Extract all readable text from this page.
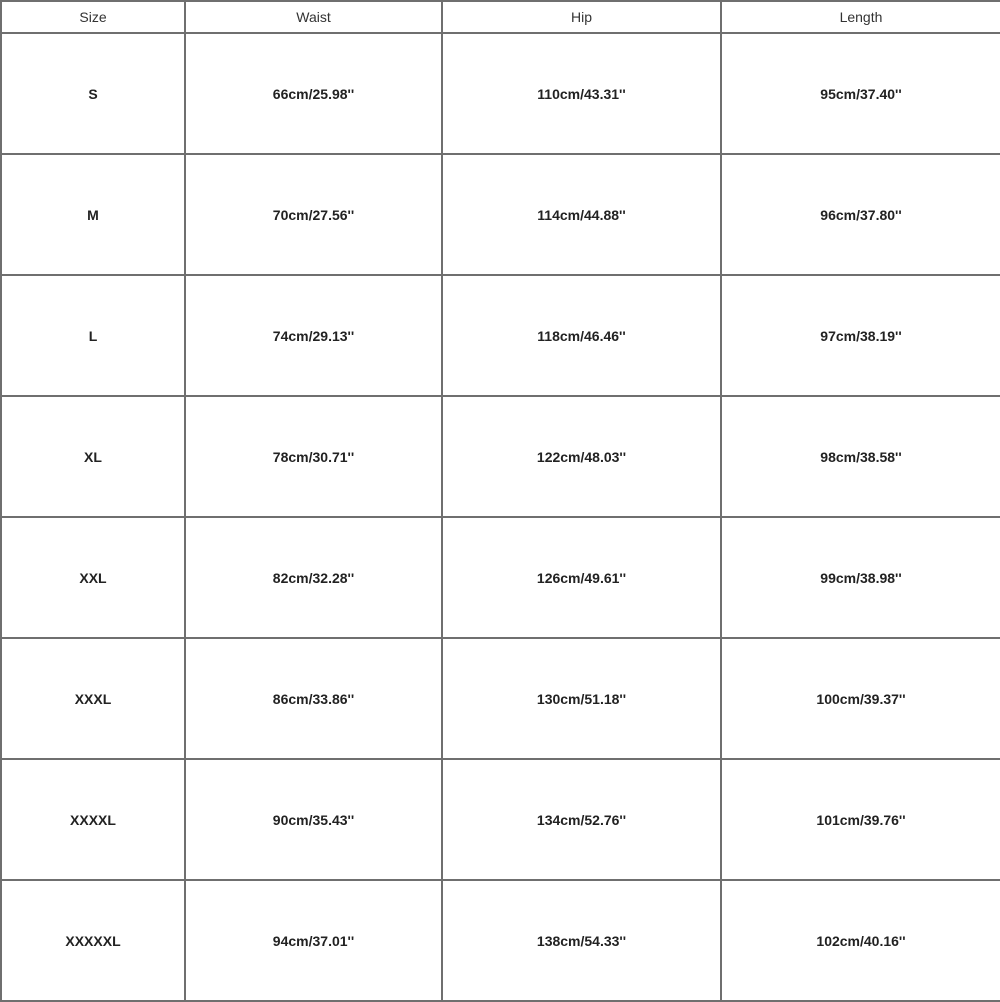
Size	Waist	Hip	Length
S	66cm/25.98''	110cm/43.31''	95cm/37.40''
M	70cm/27.56''	114cm/44.88''	96cm/37.80''
L	74cm/29.13''	118cm/46.46''	97cm/38.19''
XL	78cm/30.71''	122cm/48.03''	98cm/38.58''
XXL	82cm/32.28''	126cm/49.61''	99cm/38.98''
XXXL	86cm/33.86''	130cm/51.18''	100cm/39.37''
XXXXL	90cm/35.43''	134cm/52.76''	101cm/39.76''
XXXXXL	94cm/37.01''	138cm/54.33''	102cm/40.16''
